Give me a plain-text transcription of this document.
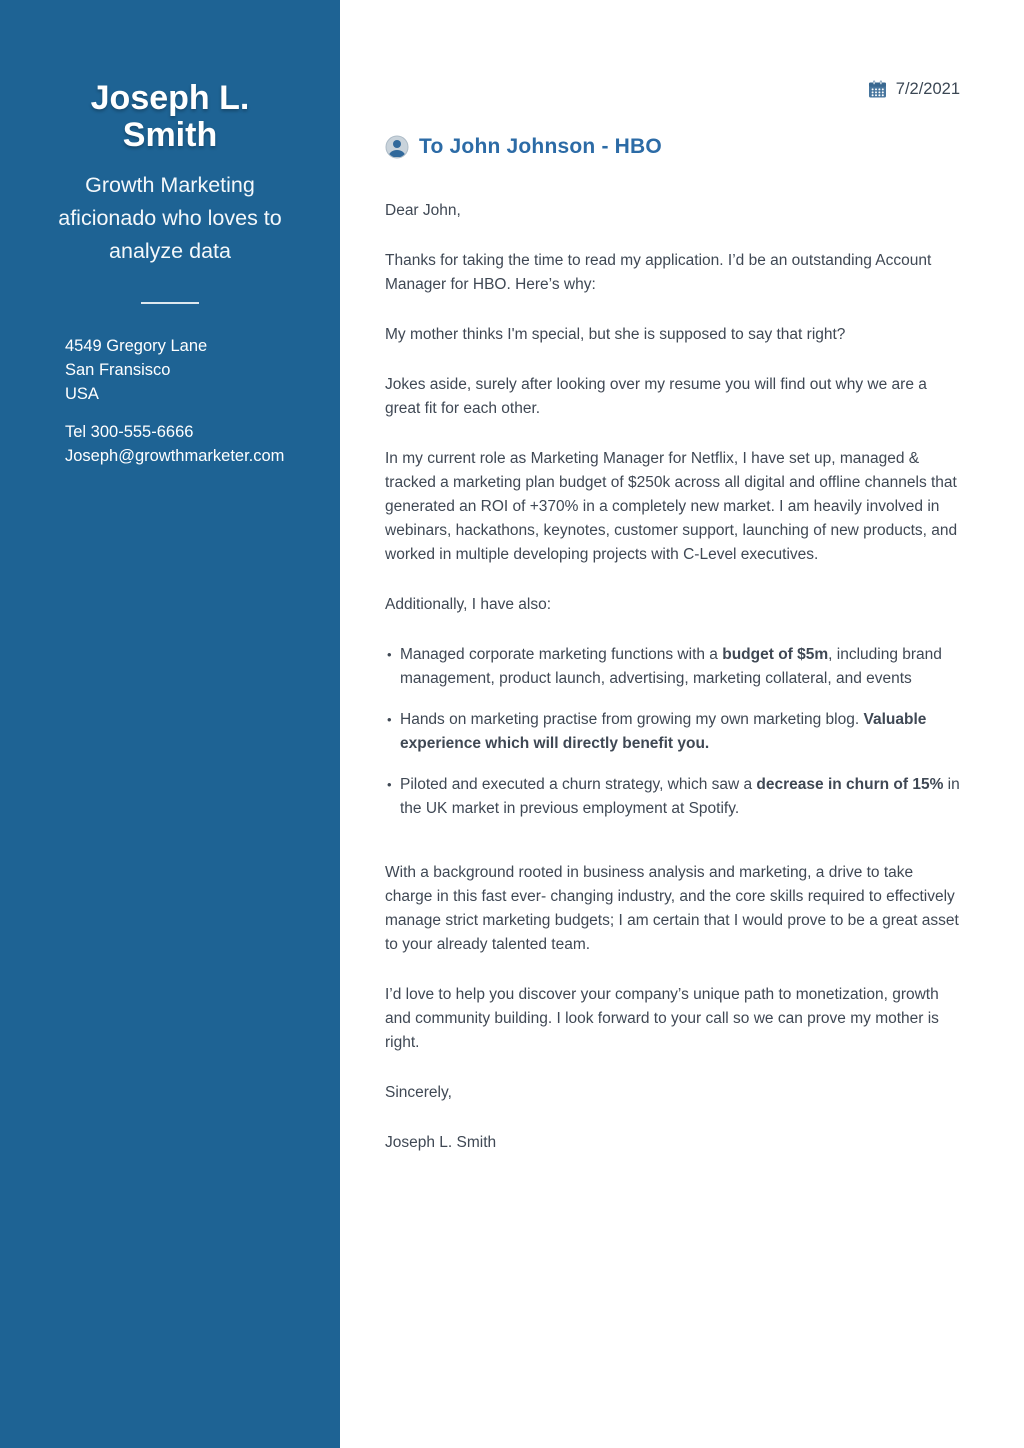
Joseph L. Smith

Growth Marketing aficionado who loves to analyze data

4549 Gregory Lane

San Fransisco

USA

Tel 300-555-6666

Joseph@growthmarketer.com

7/2/2021
To John Johnson - HBO

Dear John,

Thanks for taking the time to read my application. I’d be an outstanding Account Manager for HBO. Here’s why:

My mother thinks I'm special, but she is supposed to say that right?

Jokes aside, surely after looking over my resume you will find out why we are a great fit for each other.

In my current role as Marketing Manager for Netflix, I have set up, managed & tracked a marketing plan budget of $250k across all digital and offline channels that generated an ROI of +370% in a completely new market. I am heavily involved in webinars, hackathons, keynotes, customer support, launching of new products, and worked in multiple developing projects with C-Level executives.

Additionally, I have also:

• Managed corporate marketing functions with a budget of $5m, including brand management, product launch, advertising, marketing collateral, and events
• Hands on marketing practise from growing my own marketing blog. Valuable experience which will directly benefit you.
• Piloted and executed a churn strategy, which saw a decrease in churn of 15% in the UK market in previous employment at Spotify.

With a background rooted in business analysis and marketing, a drive to take charge in this fast ever- changing industry, and the core skills required to effectively manage strict marketing budgets; I am certain that I would prove to be a great asset to your already talented team.

I’d love to help you discover your company’s unique path to monetization, growth and community building. I look forward to your call so we can prove my mother is right.

Sincerely,

Joseph L. Smith
